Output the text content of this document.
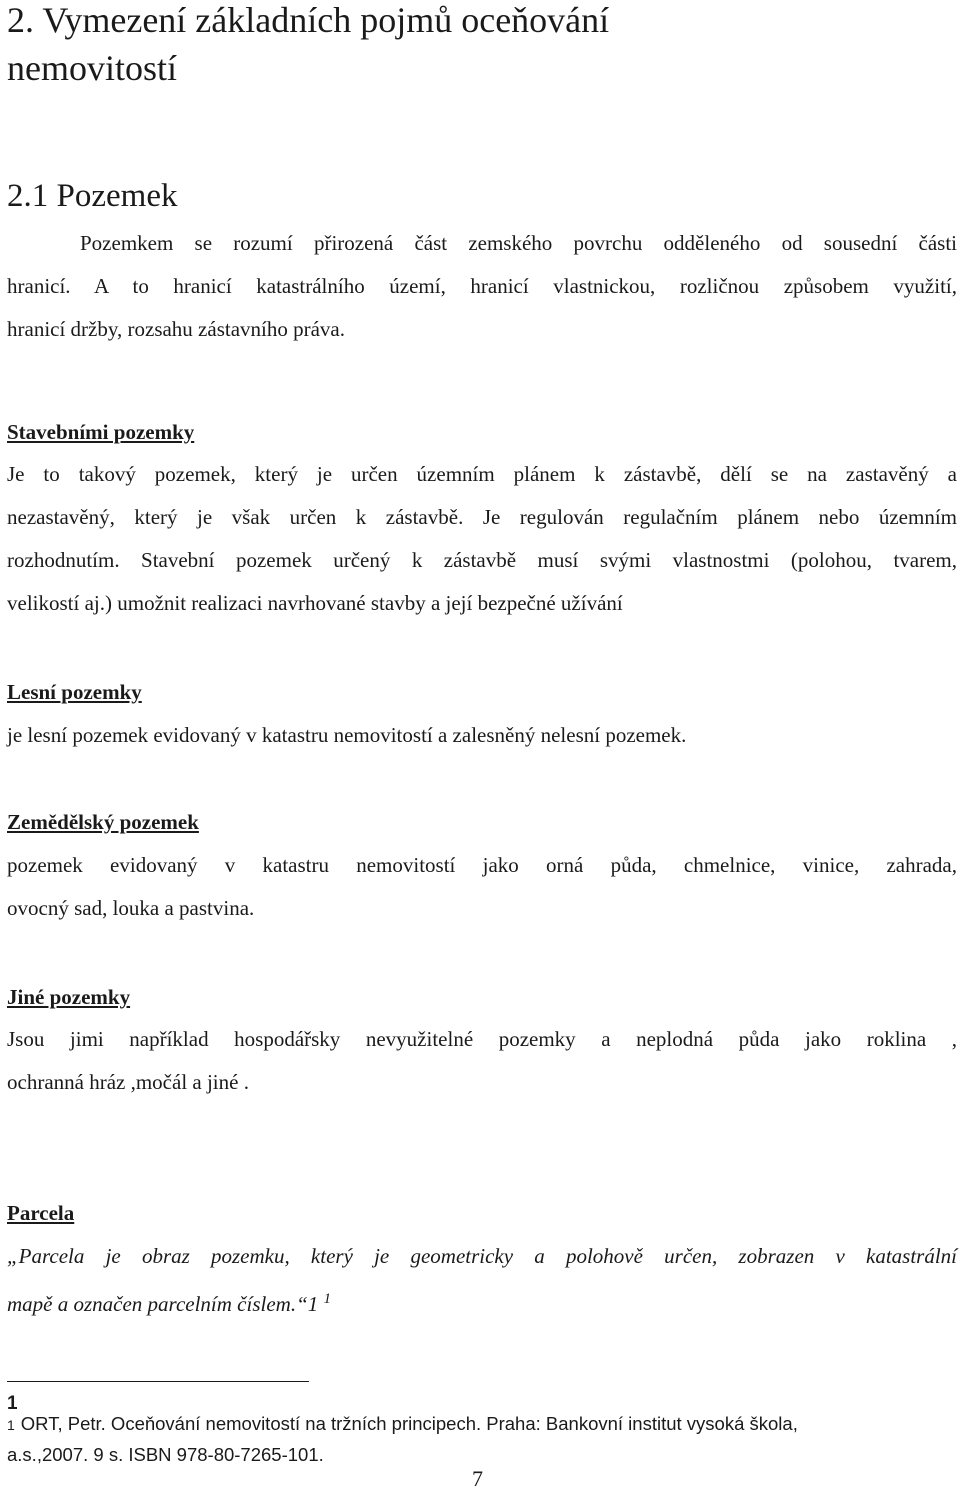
2. Vymezení základních pojmů oceňování
nemovitostí
2.1 Pozemek
Pozemkem se rozumí přirozená část zemského povrchu odděleného od sousední části
hranicí. A to hranicí katastrálního území, hranicí vlastnickou, rozličnou způsobem využití,
hranicí držby, rozsahu zástavního práva.
Stavebními pozemky
Je to takový pozemek, který je určen územním plánem k zástavbě, dělí se na zastavěný a
nezastavěný, který je však určen k zástavbě. Je regulován regulačním plánem nebo územním
rozhodnutím. Stavební pozemek určený k zástavbě musí svými vlastnostmi (polohou, tvarem,
velikostí aj.) umožnit realizaci navrhované stavby a její bezpečné užívání
Lesní pozemky
je lesní pozemek evidovaný v katastru nemovitostí a zalesněný nelesní pozemek.
Zemědělský pozemek
pozemek evidovaný v katastru nemovitostí jako orná půda, chmelnice, vinice, zahrada,
ovocný sad, louka a pastvina.
Jiné pozemky
Jsou jimi například hospodářsky nevyužitelné pozemky a neplodná půda jako roklina ,
ochranná hráz ,močál a jiné .
Parcela
„Parcela je obraz pozemku, který je geometricky a polohově určen, zobrazen v katastrální
mapě a označen parcelním číslem.“1 $^1$
1
1 ORT, Petr. Oceňování nemovitostí na tržních principech. Praha: Bankovní institut vysoká škola,
a.s.,2007. 9 s. ISBN 978-80-7265-101.
7
